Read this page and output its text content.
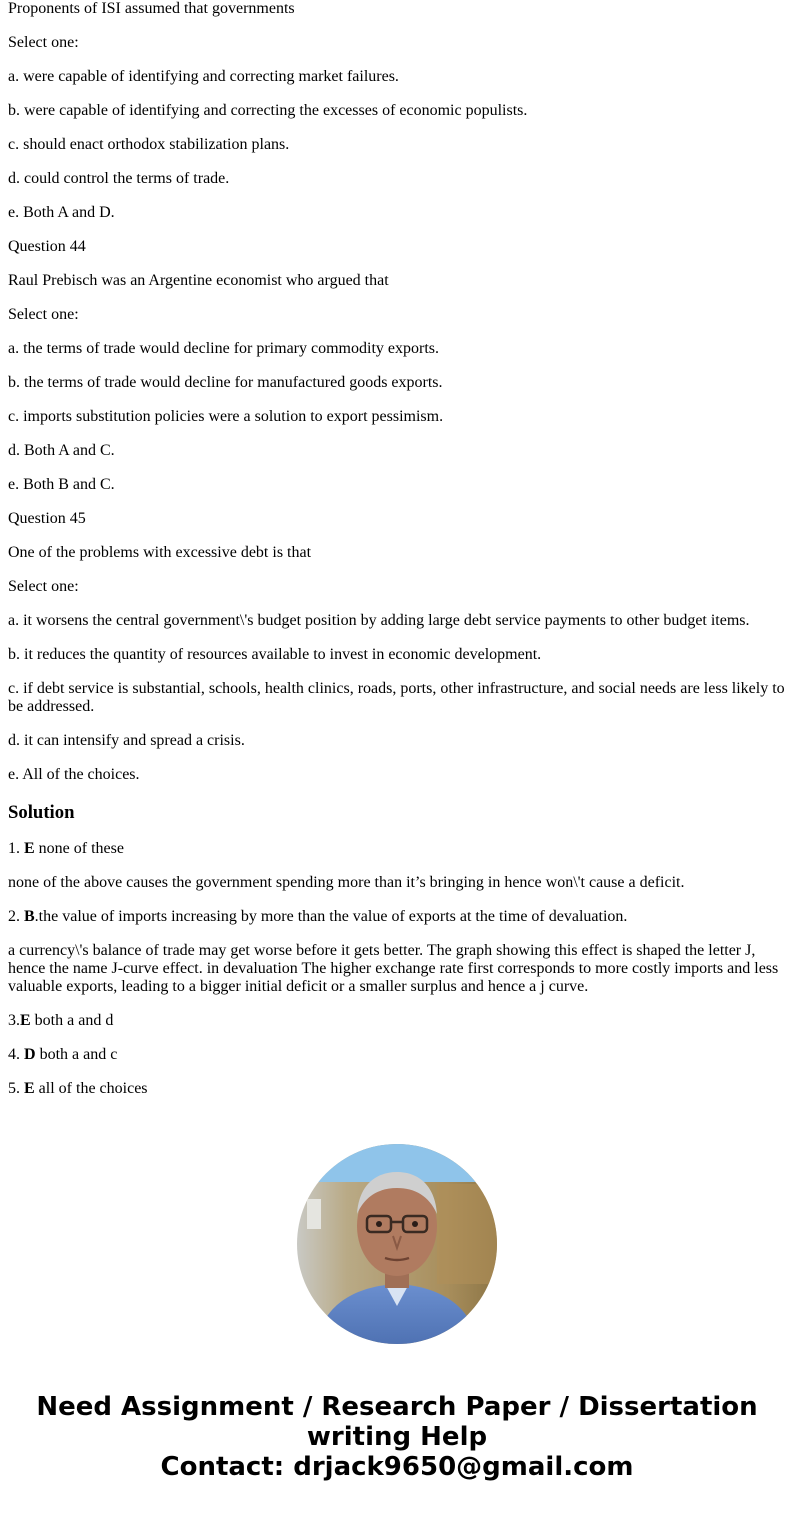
Proponents of ISI assumed that governments

Select one:

a. were capable of identifying and correcting market failures.

b. were capable of identifying and correcting the excesses of economic populists.

c. should enact orthodox stabilization plans.

d. could control the terms of trade.

e. Both A and D.

Question 44

Raul Prebisch was an Argentine economist who argued that

Select one:

a. the terms of trade would decline for primary commodity exports.

b. the terms of trade would decline for manufactured goods exports.

c. imports substitution policies were a solution to export pessimism.

d. Both A and C.

e. Both B and C.

Question 45

One of the problems with excessive debt is that

Select one:

a. it worsens the central government\'s budget position by adding large debt service payments to other budget items.

b. it reduces the quantity of resources available to invest in economic development.

c. if debt service is substantial, schools, health clinics, roads, ports, other infrastructure, and social needs are less likely to be addressed.

d. it can intensify and spread a crisis.

e. All of the choices.

Solution

1. E none of these

none of the above causes the government spending more than it’s bringing in hence won\'t cause a deficit.

2. B.the value of imports increasing by more than the value of exports at the time of devaluation.

a currency\'s balance of trade may get worse before it gets better. The graph showing this effect is shaped the letter J, hence the name J-curve effect. in devaluation The higher exchange rate first corresponds to more costly imports and less valuable exports, leading to a bigger initial deficit or a smaller surplus and hence a j curve.

3.E both a and d

4. D both a and c

5. E all of the choices

Need Assignment / Research Paper / Dissertation
writing Help
Contact: drjack9650@gmail.com
